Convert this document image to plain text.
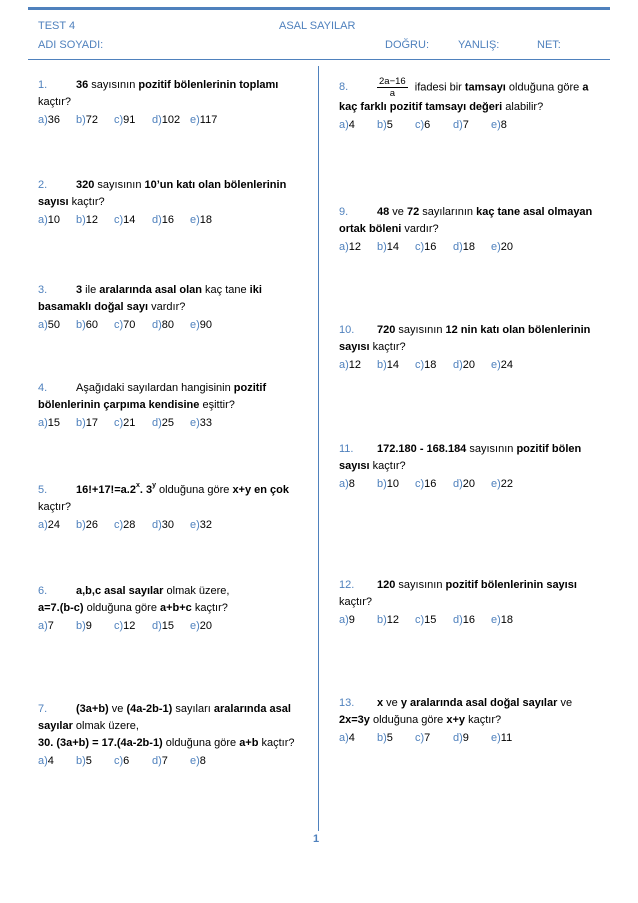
TEST 4	ASAL SAYILAR
ADI SOYADI:	DOĞRU:	YANLIŞ:	NET:
1.	36 sayısının pozitif bölenlerinin toplamı kaçtır?
a)36	b)72	c)91	d)102 e)117
2.	320 sayısının 10’un katı olan bölenlerinin sayısı kaçtır?
a)10	b)12	c)14	d)16	e)18
3.	3 ile aralarında asal olan kaç tane iki basamaklı doğal sayı vardır?
a)50	b)60	c)70	d)80	e)90
4.	Aşağıdaki sayılardan hangisinin pozitif bölenlerinin çarpıma kendisine eşittir?
a)15	b)17	c)21	d)25	e)33
5.	$16!+17!=a.2^x$. 3$^y$ olduğuna göre x+y en çok kaçtır?
a)24	b)26	c)28	d)30	e)32
6.	a,b,c asal sayılar olmak üzere,
a=7.(b-c) olduğuna göre a+b+c kaçtır?
a)7	b)9	c)12	d)15	e)20
7.	(3a+b) ve (4a-2b-1) sayıları aralarında asal sayılar olmak üzere,
30. (3a+b) = 17.(4a-2b-1) olduğuna göre a+b kaçtır?
a)4	b)5	c)6	d)7	e)8
8.	$\frac{2a-16}{a}$ ifadesi bir tamsayı olduğuna göre a kaç farklı pozitif tamsayı değeri alabilir?
a)4	b)5	c)6	d)7	e)8
9.	48 ve 72 sayılarının kaç tane asal olmayan ortak böleni vardır?
a)12	b)14	c)16	d)18	e)20
10. 720 sayısının 12 nin katı olan bölenlerinin sayısı kaçtır?
a)12	b)14	c)18	d)20	e)24
11. 172.180 - 168.184 sayısının pozitif bölen sayısı kaçtır?
a)8	b)10	c)16	d)20	e)22
12. 120 sayısının pozitif bölenlerinin sayısı kaçtır?
a)9	b)12	c)15	d)16	e)18
13. x ve y aralarında asal doğal sayılar ve
2x=3y olduğuna göre x+y kaçtır?
a)4	b)5	c)7	d)9	e)11
1
